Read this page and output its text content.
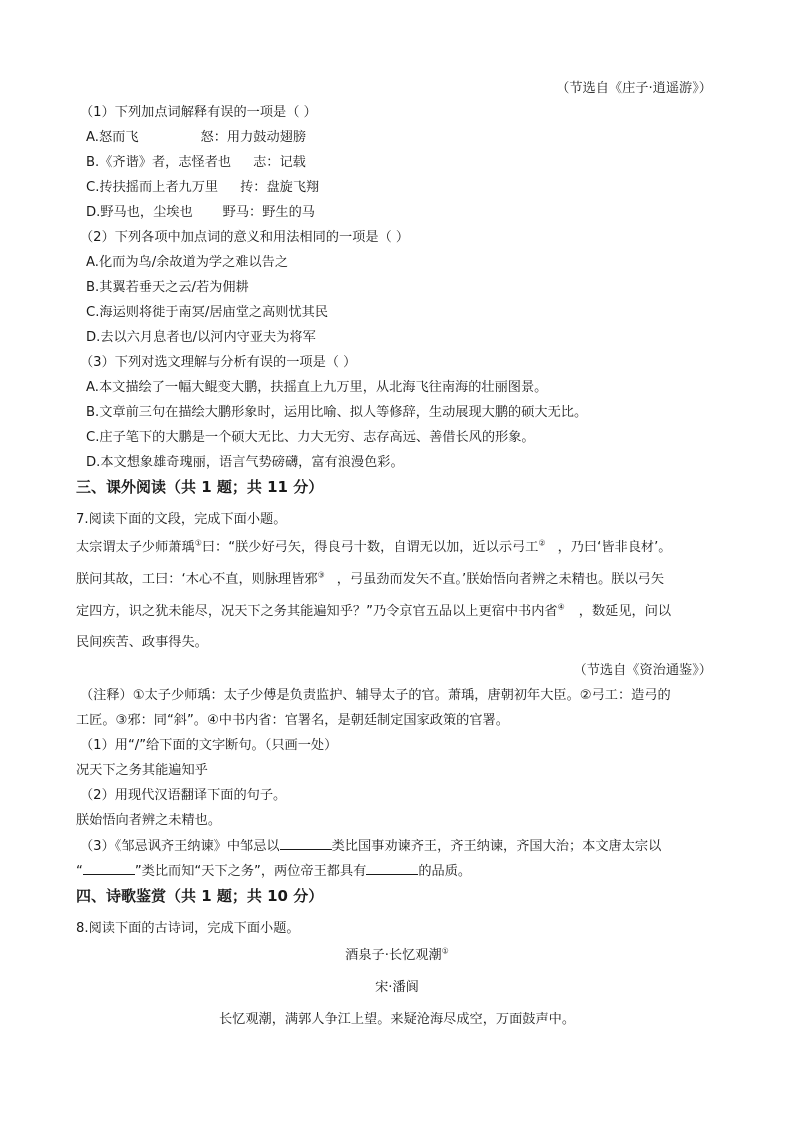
（节选自《庄子·逍遥游》）
（1）下列加点词解释有误的一项是（ ）
A.怒而飞	怒：用力鼓动翅膀
B.《齐谐》者，志怪者也 志：记载
C.抟扶摇而上者九万里 抟：盘旋飞翔
D.野马也，尘埃也 野马：野生的马
（2）下列各项中加点词的意义和用法相同的一项是（ ）
A.化而为鸟/余故道为学之难以告之
B.其翼若垂天之云/若为佣耕
C.海运则将徙于南冥/居庙堂之高则忧其民
D.去以六月息者也/以河内守亚夫为将军
（3）下列对选文理解与分析有误的一项是（ ）
A.本文描绘了一幅大鲲变大鹏，扶摇直上九万里，从北海飞往南海的壮丽图景。
B.文章前三句在描绘大鹏形象时，运用比喻、拟人等修辞，生动展现大鹏的硕大无比。
C.庄子笔下的大鹏是一个硕大无比、力大无穷、志存高远、善借长风的形象。
D.本文想象雄奇瑰丽，语言气势磅礴，富有浪漫色彩。
三、课外阅读（共 1 题；共 11 分）
7.阅读下面的文段，完成下面小题。
太宗谓太子少师萧瑀①曰：“朕少好弓矢，得良弓十数，自谓无以加，近以示弓工② ，乃曰‘皆非良材’。
朕问其故，工曰：‘木心不直，则脉理皆邪③ ，弓虽劲而发矢不直。’朕始悟向者辨之未精也。朕以弓矢
定四方，识之犹未能尽，况天下之务其能遍知乎？”乃令京官五品以上更宿中书内省④ ，数延见，问以
民间疾苦、政事得失。
（节选自《资治通鉴》）
（注释）①太子少师瑀：太子少傅是负责监护、辅导太子的官。萧瑀，唐朝初年大臣。②弓工：造弓的
工匠。③邪：同“斜”。④中书内省：官署名，是朝廷制定国家政策的官署。
（1）用“/”给下面的文字断句。（只画一处）
况天下之务其能遍知乎
（2）用现代汉语翻译下面的句子。
朕始悟向者辨之未精也。
（3）《邹忌讽齐王纳谏》中邹忌以	类比国事劝谏齐王，齐王纳谏，齐国大治；本文唐太宗以
“	”类比而知“天下之务”，两位帝王都具有	的品质。
四、诗歌鉴赏（共 1 题；共 10 分）
8.阅读下面的古诗词，完成下面小题。
酒泉子·长忆观潮①
宋·潘阆
长忆观潮，满郭人争江上望。来疑沧海尽成空，万面鼓声中。
